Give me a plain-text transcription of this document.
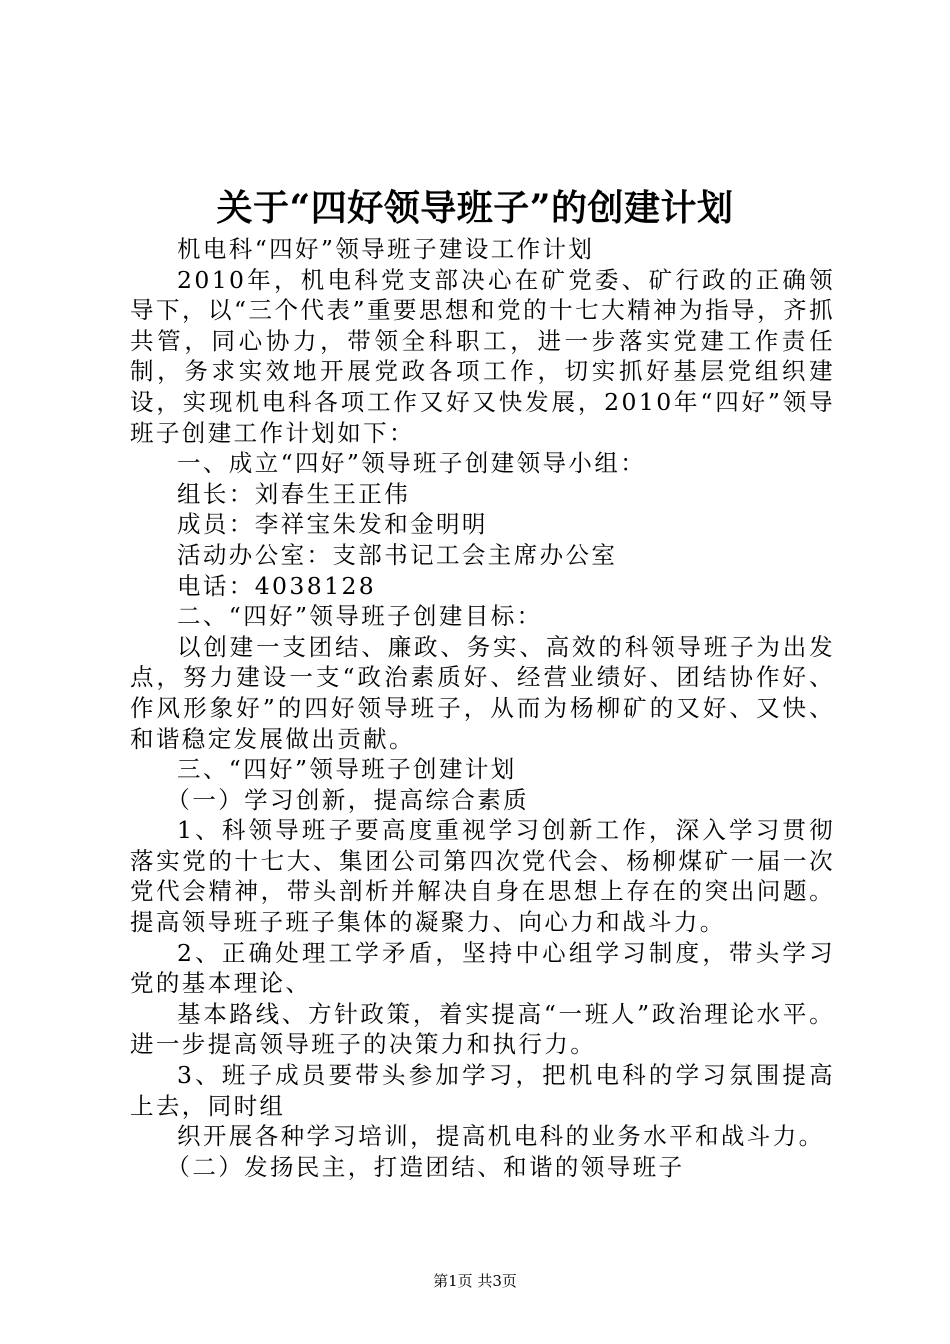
关于“四好领导班子”的创建计划

机电科“四好”领导班子建设工作计划

2010年，机电科党支部决心在矿党委、矿行政的正确领导下，以“三个代表”重要思想和党的十七大精神为指导，齐抓共管，同心协力，带领全科职工，进一步落实党建工作责任制，务求实效地开展党政各项工作，切实抓好基层党组织建设，实现机电科各项工作又好又快发展，2010年“四好”领导班子创建工作计划如下：

一、成立“四好”领导班子创建领导小组：

组长：刘春生王正伟

成员：李祥宝朱发和金明明

活动办公室：支部书记工会主席办公室

电话：4038128

二、“四好”领导班子创建目标：

以创建一支团结、廉政、务实、高效的科领导班子为出发点，努力建设一支“政治素质好、经营业绩好、团结协作好、作风形象好”的四好领导班子，从而为杨柳矿的又好、又快、和谐稳定发展做出贡献。

三、“四好”领导班子创建计划

（一）学习创新，提高综合素质

1、科领导班子要高度重视学习创新工作，深入学习贯彻落实党的十七大、集团公司第四次党代会、杨柳煤矿一届一次党代会精神，带头剖析并解决自身在思想上存在的突出问题。提高领导班子班子集体的凝聚力、向心力和战斗力。

2、正确处理工学矛盾，坚持中心组学习制度，带头学习党的基本理论、

基本路线、方针政策，着实提高“一班人”政治理论水平。进一步提高领导班子的决策力和执行力。

3、班子成员要带头参加学习，把机电科的学习氛围提高上去，同时组

织开展各种学习培训，提高机电科的业务水平和战斗力。

（二）发扬民主，打造团结、和谐的领导班子

第1页 共3页
